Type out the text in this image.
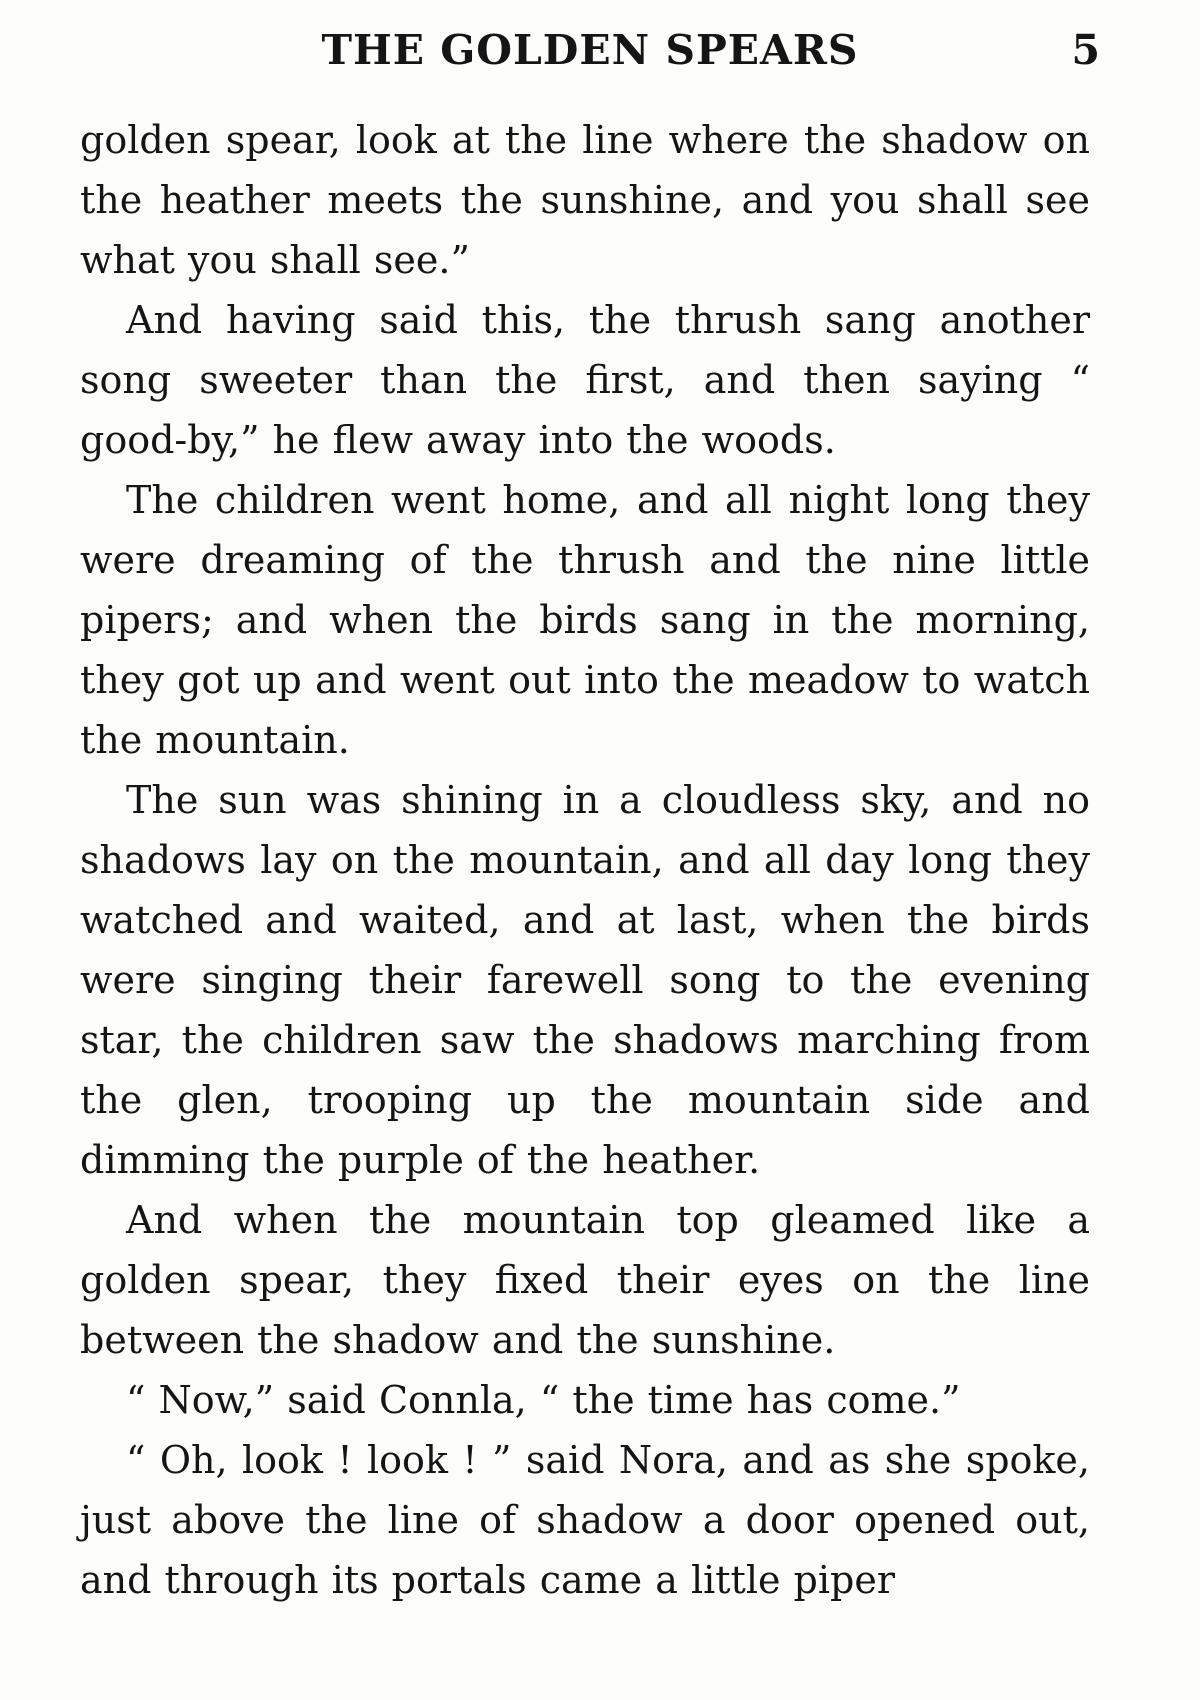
THE GOLDEN SPEARS	5

golden spear, look at the line where the shadow on the heather meets the sunshine, and you shall see what you shall see.”

And having said this, the thrush sang another song sweeter than the first, and then saying “ good-by,” he flew away into the woods.

The children went home, and all night long they were dreaming of the thrush and the nine little pipers; and when the birds sang in the morning, they got up and went out into the meadow to watch the mountain.

The sun was shining in a cloudless sky, and no shadows lay on the mountain, and all day long they watched and waited, and at last, when the birds were singing their farewell song to the evening star, the children saw the shadows marching from the glen, trooping up the mountain side and dimming the purple of the heather.

And when the mountain top gleamed like a golden spear, they fixed their eyes on the line between the shadow and the sunshine.

“ Now,” said Connla, “ the time has come.”

“ Oh, look ! look ! ” said Nora, and as she spoke, just above the line of shadow a door opened out, and through its portals came a little piper
